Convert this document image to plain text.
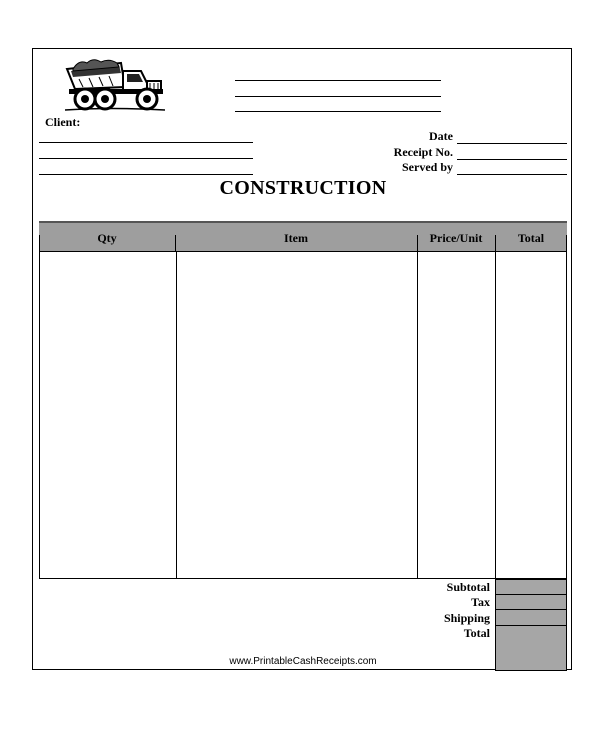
Client:
Date
Receipt No.
Served by
CONSTRUCTION
Qty	Item	Price/Unit	Total
Subtotal
Tax
Shipping
Total
www.PrintableCashReceipts.com
